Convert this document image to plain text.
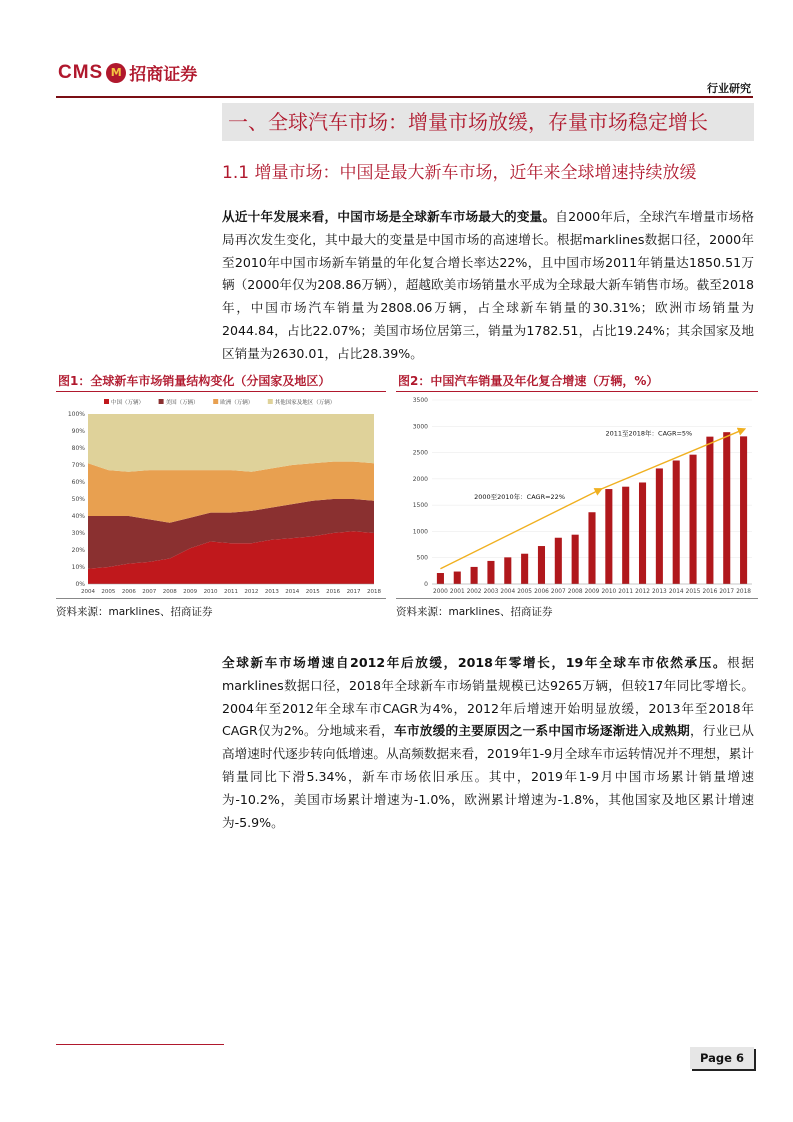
CMS M 招商证券
行业研究
一、全球汽车市场：增量市场放缓，存量市场稳定增长
1.1 增量市场：中国是最大新车市场，近年来全球增速持续放缓
从近十年发展来看，中国市场是全球新车市场最大的变量。自2000年后，全球汽车增量市场格局再次发生变化，其中最大的变量是中国市场的高速增长。根据marklines数据口径，2000年至2010年中国市场新车销量的年化复合增长率达22%，且中国市场2011年销量达1850.51万辆（2000年仅为208.86万辆），超越欧美市场销量水平成为全球最大新车销售市场。截至2018年，中国市场汽车销量为2808.06万辆，占全球新车销量的30.31%；欧洲市场销量为2044.84，占比22.07%；美国市场位居第三，销量为1782.51，占比19.24%；其余国家及地区销量为2630.01，占比28.39%。
图1：全球新车市场销量结构变化（分国家及地区）
中国（万辆）	美国（万辆）	欧洲（万辆）	其他国家及地区（万辆）
0%
10%
20%
30%
40%
50%
60%
70%
80%
90%
100%
2004 2005 2006 2007 2008 2009 2010 2011 2012 2013 2014 2015 2016 2017 2018
资料来源：marklines、招商证券
图2：中国汽车销量及年化复合增速（万辆，%）
0
500
1000
1500
2000
2500
3000
3500
2000 2001 2002 2003 2004 2005 2006 2007 2008 2009 2010 2011 2012 2013 2014 2015 2016 2017 2018
2000至2010年：CAGR=22%
2011至2018年：CAGR=5%
资料来源：marklines、招商证券
全球新车市场增速自2012年后放缓，2018年零增长，19年全球车市依然承压。根据marklines数据口径，2018年全球新车市场销量规模已达9265万辆，但较17年同比零增长。2004年至2012年全球车市CAGR为4%，2012年后增速开始明显放缓，2013年至2018年CAGR仅为2%。分地域来看，车市放缓的主要原因之一系中国市场逐渐进入成熟期，行业已从高增速时代逐步转向低增速。从高频数据来看，2019年1-9月全球车市运转情况并不理想，累计销量同比下滑5.34%，新车市场依旧承压。其中，2019年1-9月中国市场累计销量增速为-10.2%，美国市场累计增速为-1.0%，欧洲累计增速为-1.8%，其他国家及地区累计增速为-5.9%。
Page 6
